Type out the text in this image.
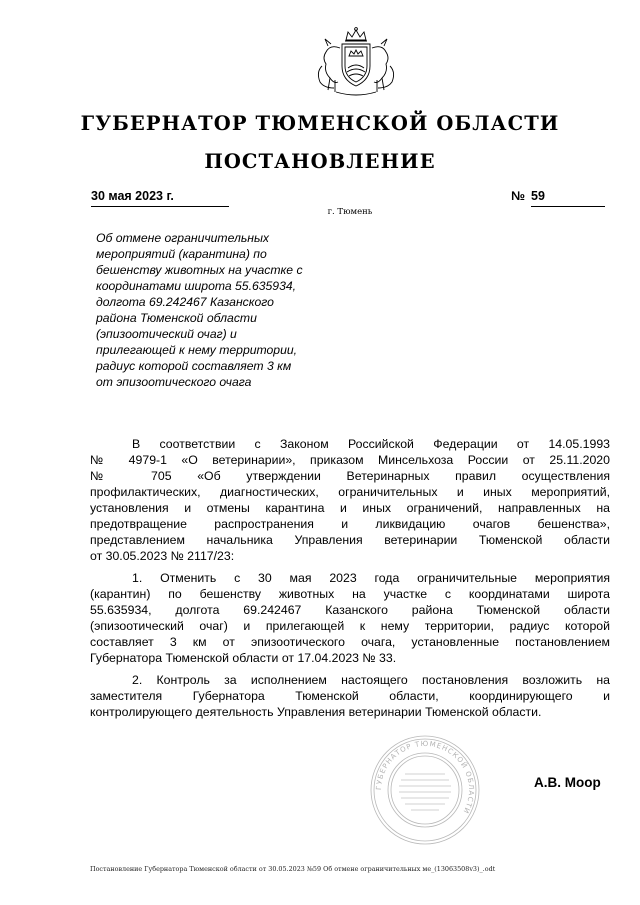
ГУБЕРНАТОР ТЮМЕНСКОЙ ОБЛАСТИ
ПОСТАНОВЛЕНИЕ
30 мая 2023 г.	№ 59
г. Тюмень
Об отмене ограничительных
мероприятий (карантина) по
бешенству животных на участке с
координатами широта 55.635934,
долгота 69.242467 Казанского
района Тюменской области
(эпизоотический очаг) и
прилегающей к нему территории,
радиус которой составляет 3 км
от эпизоотического очага
В соответствии с Законом Российской Федерации от 14.05.1993
№ 4979-1 «О ветеринарии», приказом Минсельхоза России от 25.11.2020
№ 705 «Об утверждении Ветеринарных правил осуществления
профилактических, диагностических, ограничительных и иных мероприятий,
установления и отмены карантина и иных ограничений, направленных на
предотвращение распространения и ликвидацию очагов бешенства»,
представлением начальника Управления ветеринарии Тюменской области
от 30.05.2023 № 2117/23:
1. Отменить с 30 мая 2023 года ограничительные мероприятия
(карантин) по бешенству животных на участке с координатами широта
55.635934, долгота 69.242467 Казанского района Тюменской области
(эпизоотический очаг) и прилегающей к нему территории, радиус которой
составляет 3 км от эпизоотического очага, установленные постановлением
Губернатора Тюменской области от 17.04.2023 № 33.
2. Контроль за исполнением настоящего постановления возложить на
заместителя Губернатора Тюменской области, координирующего и
контролирующего деятельность Управления ветеринарии Тюменской области.
ГУБЕРНАТОР ТЮМЕНСКОЙ ОБЛАСТИ
А.В. Моор
Постановление Губернатора Тюменской области от 30.05.2023 №59 Об отмене ограничительных ме_(13063508v3)_.odt
